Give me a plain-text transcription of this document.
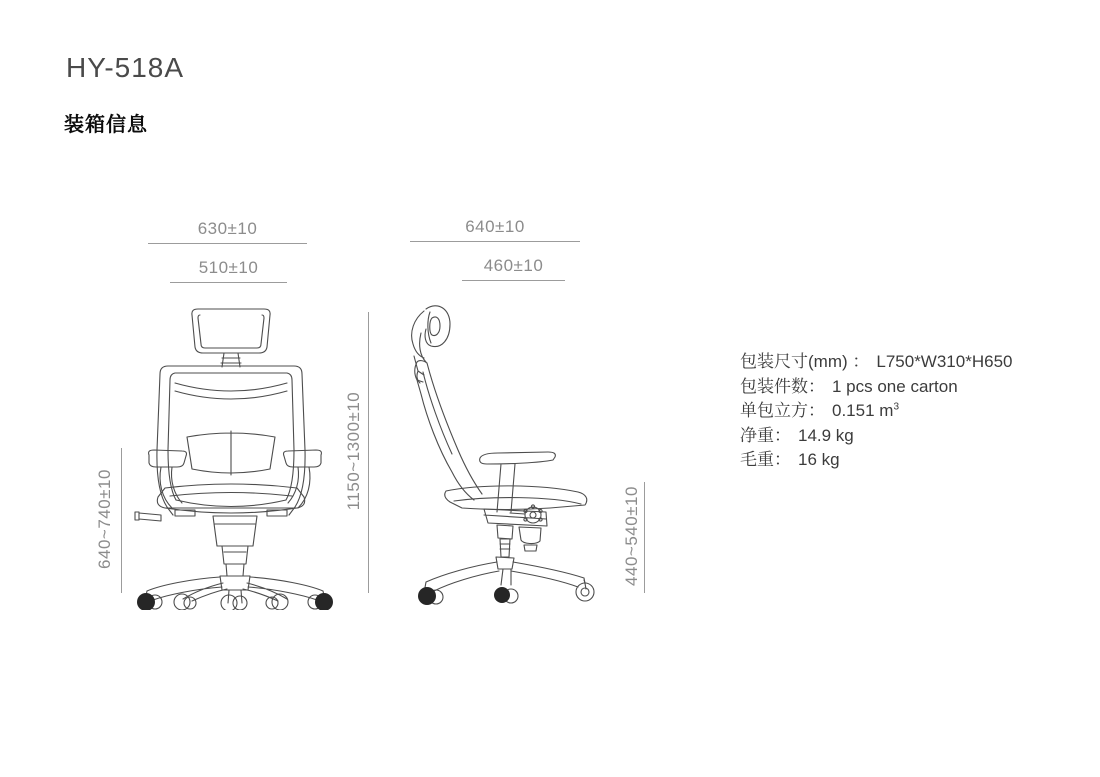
HY-518A
装箱信息
630±10
510±10
640±10
460±10
640~740±10
1150~1300±10
440~540±10
包装尺寸(mm) ： L750*W310*H650
包装件数： 1 pcs one carton
单包立方： 0.151 $m^3$
净重： 14.9 kg
毛重： 16 kg
